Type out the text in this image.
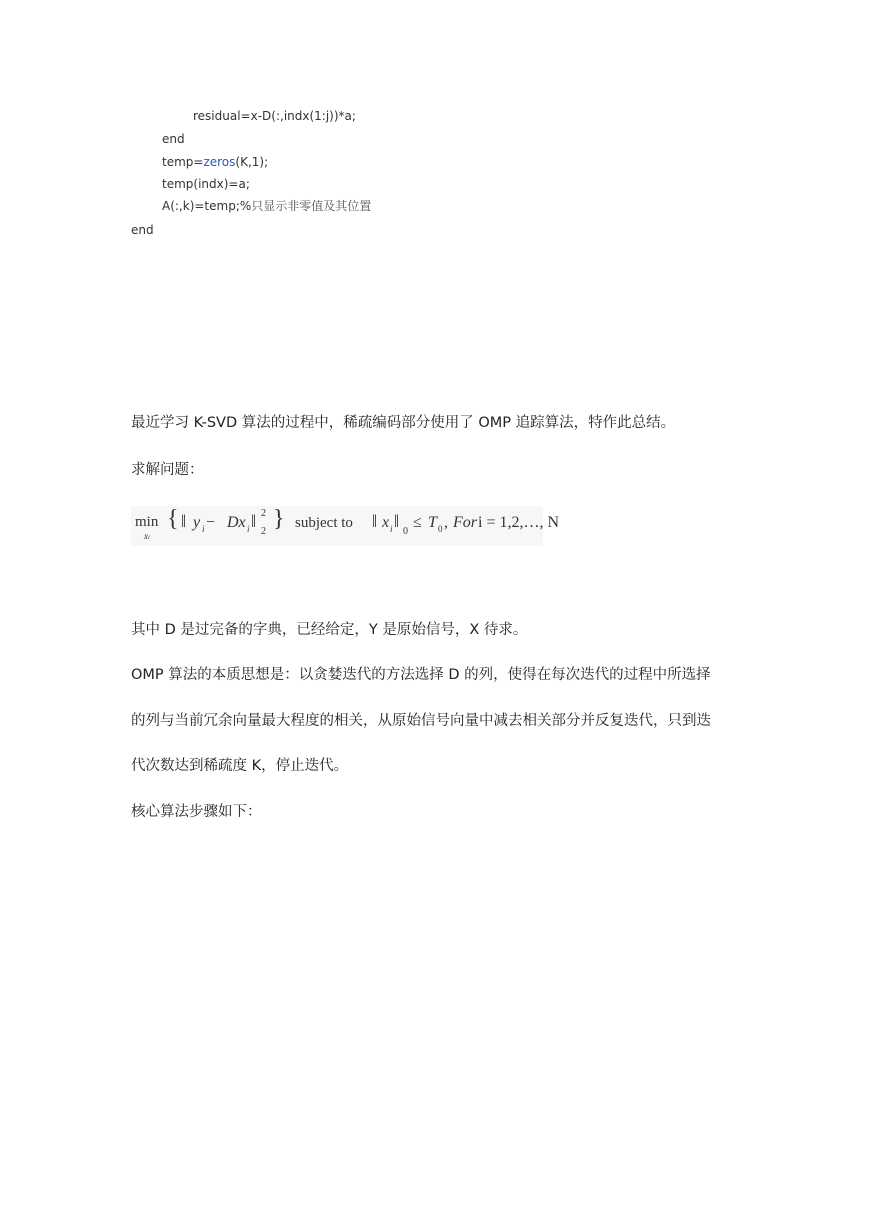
residual=x-D(:,indx(1:j))*a;
end
temp=zeros(K,1);
temp(indx)=a;
A(:,k)=temp;%只显示非零值及其位置
end
最近学习 K-SVD 算法的过程中，稀疏编码部分使用了 OMP 追踪算法，特作此总结。
求解问题：
min
xi
{ ‖ y i − Dx i ‖ 2
2 } subject to ‖ x i ‖
0
≤ T 0 , For i = 1,2,…, N
其中 D 是过完备的字典，已经给定，Y 是原始信号，X 待求。
OMP 算法的本质思想是：以贪婪迭代的方法选择 D 的列，使得在每次迭代的过程中所选择
的列与当前冗余向量最大程度的相关，从原始信号向量中减去相关部分并反复迭代，只到迭
代次数达到稀疏度 K，停止迭代。
核心算法步骤如下：
